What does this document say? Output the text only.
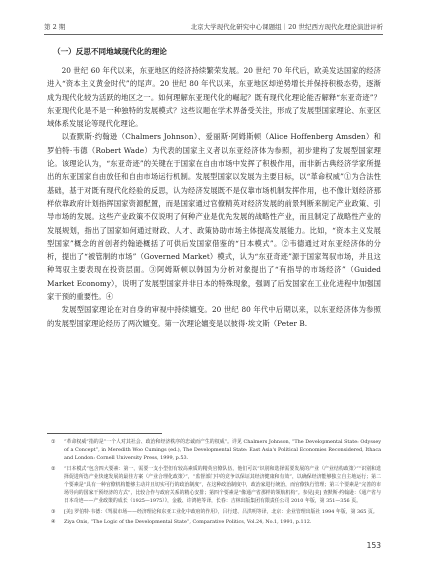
第 2 期	北京大学现代化研究中心课题组｜20 世纪西方现代化理论演进评析
（一）反思不同地域现代化的理论

20 世纪 60 年代以来，东亚地区的经济持续繁荣发展。20 世纪 70 年代后，欧美发达国家的经济进入“资本主义黄金时代”的尾声。20 世纪 80 年代以来，东亚地区却逆势增长并保持积极态势，逐渐成为现代化较为活跃的地区之一。如何理解东亚现代化的崛起？既有现代化理论能否解释“东亚奇迹”？东亚现代化是不是一种独特的发展模式？这些议题在学术界备受关注，形成了发展型国家理论、东亚区域体系发展论等现代化理论。

以查默斯·约翰逊（Chalmers Johnson）、爱丽斯·阿姆斯顿（Alice Hoffenberg Amsden）和罗伯特·韦德（Robert Wade）为代表的国家主义者以东亚经济体为参照，初步建构了发展型国家理论。该理论认为，“东亚奇迹”的关键在于国家在自由市场中发挥了积极作用，而非新古典经济学家所提出的东亚国家自由放任和自由市场运行机制。发展型国家以发展为主要目标，以“革命权威”①为合法性基础，基于对既有现代化经验的反思，认为经济发展既不是仅靠市场机制发挥作用，也不像计划经济那样依靠政府计划指挥国家资源配置，而是国家通过官僚精英对经济发展的前景判断来制定产业政策、引导市场的发展。这些产业政策不仅说明了何种产业是优先发展的战略性产业，而且制定了战略性产业的发展规划，指出了国家如何通过财政、人才、政策协助市场主体提高发展能力。比如，“资本主义发展型国家”概念的首创者约翰逊概括了可供后发国家借鉴的“日本模式”。②韦德通过对东亚经济体的分析，提出了“被管制的市场”（Governed Market）模式，认为“东亚奇迹”源于国家驾驭市场，并且这种驾驭主要表现在投资层面。③阿姆斯顿以韩国为分析对象提出了“有指导的市场经济”（Guided Market Economy），说明了发展型国家并非日本的特殊现象，强调了后发国家在工业化进程中加强国家干预的重要性。④

发展型国家理论在对自身的审视中持续嬗变。20 世纪 80 年代中后期以来，以东亚经济体为参照的发展型国家理论经历了两次嬗变。第一次理论嬗变是以彼得·埃文斯（Peter B.

① “革命权威”指的是“一个人对其社会、政治和经济秩序的忠诚而产生的权威”。详见 Chalmers Johnson, “The Developmental State: Odyssey of a Concept”, in Meredith Woo Cumings (ed.), The Developmental State: East Asia's Political Economies Reconsidered, Ithaca and London: Cornell University Press, 1999, p.53.
② “日本模式”包含四大要素：第一，需要一支小型但有较高素质的精英官僚队伍，他们可以“识别和选择需要发展的产业（产业结构政策）”“识别和选择促进所选产业快速发展的最佳方案（产业合理化政策）”，“监督部门中的竞争以保证其经济健康和有效”，以确保经济能够独立自主地运行；第二个要素是“具有一种官僚机构能够主动并且切实可行的政治制度”，在这种政治制度中，政治家进行统治，而官僚执行管理；第三个要素是“完善的市场导向的国家干预经济的方式”，比较合作与政府关系的精心安排；第四个要素是“像通产省那样的领航机构”。参见[美] 查默斯·约翰逊：《通产省与日本奇迹——产业政策的成长（1925—1975）》，金毅、许鸿艳等译，长春：吉林出版集团有限责任公司 2010 年版，第 351—356 页。
③ [美] 罗伯特·韦德：《驾驭市场——经济理论和东亚工业化中政府的作用》，吕行建、吕洪明等译，北京：企业管理出版社 1994 年版，第 365 页。
④ Ziya Onis, “The Logic of the Developmental State”, Comparative Politics, Vol.24, No.1, 1991, p.112.
153
